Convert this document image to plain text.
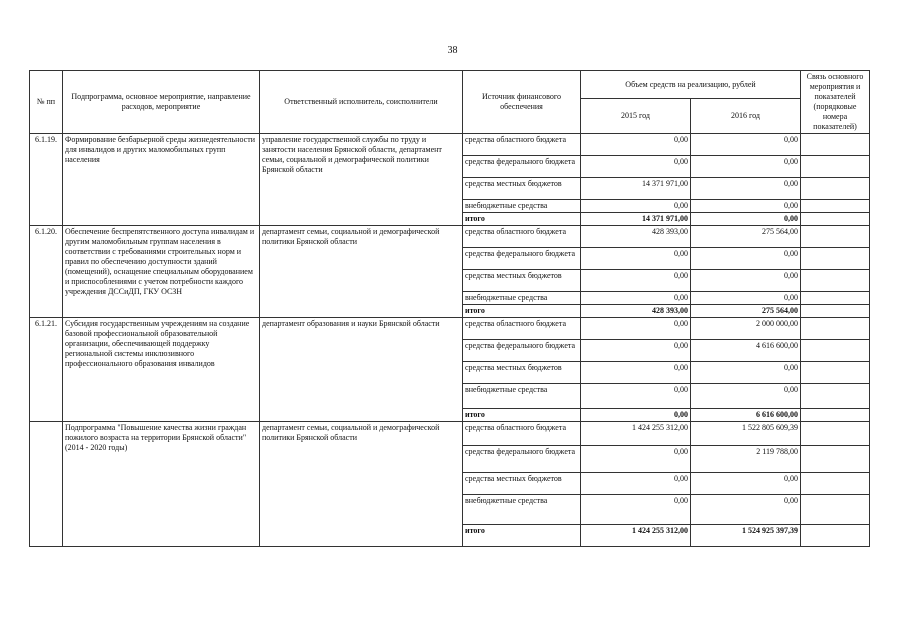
38
№ пп	Подпрограмма, основное мероприятие, направление расходов, мероприятие	Ответственный исполнитель, соисполнители	Источник финансового обеспечения	Объем средств на реализацию, рублей		Связь основного мероприятия и показателей (порядковые номера показателей)
				2015 год	2016 год	
6.1.19.	Формирование безбарьерной среды жизнедеятельности для инвалидов и других маломобильных групп населения	управление государственной службы по труду и занятости населения Брянской области, департамент семьи, социальной и демографической политики Брянской области	средства областного бюджета	0,00	0,00	
			средства федерального бюджета	0,00	0,00	
			средства местных бюджетов	14 371 971,00	0,00	
			внебюджетные средства	0,00	0,00	
			итого	14 371 971,00	0,00	
6.1.20.	Обеспечение беспрепятственного доступа инвалидам и другим маломобильным группам населения в соответствии с требованиями строительных норм и правил по обеспечению доступности зданий (помещений), оснащение специальным оборудованием и приспособлениями с учетом потребности каждого учреждения ДССиДП, ГКУ ОСЗН	департамент семьи, социальной и демографической политики Брянской области	средства областного бюджета	428 393,00	275 564,00	
			средства федерального бюджета	0,00	0,00	
			средства местных бюджетов	0,00	0,00	
			внебюджетные средства	0,00	0,00	
			итого	428 393,00	275 564,00	
6.1.21.	Субсидия государственным учреждениям на создание базовой профессиональной образовательной организации, обеспечивающей поддержку региональной системы инклюзивного профессионального образования инвалидов	департамент образования и науки Брянской области	средства областного бюджета	0,00	2 000 000,00	
			средства федерального бюджета	0,00	4 616 600,00	
			средства местных бюджетов	0,00	0,00	
			внебюджетные средства	0,00	0,00	
			итого	0,00	6 616 600,00	
	Подпрограмма "Повышение качества жизни граждан пожилого возраста на территории Брянской области" (2014 - 2020 годы)	департамент семьи, социальной и демографической политики Брянской области	средства областного бюджета	1 424 255 312,00	1 522 805 609,39	
			средства федерального бюджета	0,00	2 119 788,00	
			средства местных бюджетов	0,00	0,00	
			внебюджетные средства	0,00	0,00	
			итого	1 424 255 312,00	1 524 925 397,39	
